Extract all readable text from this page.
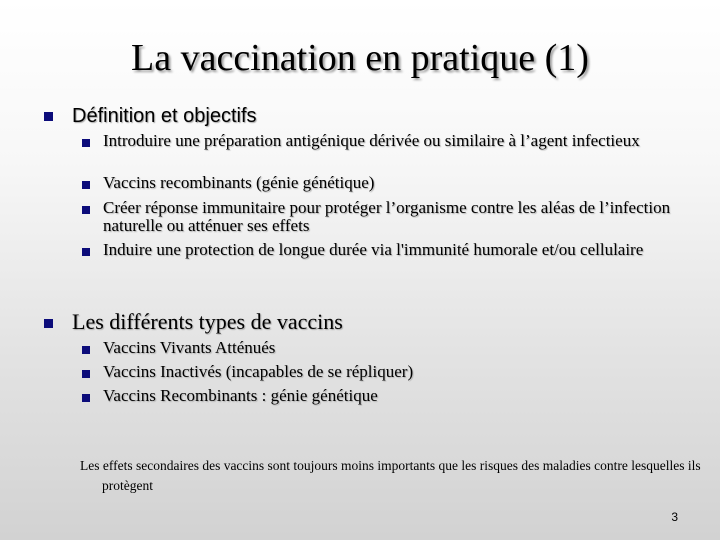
La vaccination en pratique (1)
Définition et objectifs
Introduire une préparation antigénique dérivée ou similaire à l’agent infectieux
Vaccins recombinants (génie génétique)
Créer réponse immunitaire pour protéger l’organisme contre les aléas de l’infection naturelle ou atténuer ses effets
Induire une protection de longue durée via l'immunité humorale et/ou cellulaire
Les différents types de vaccins
Vaccins Vivants Atténués
Vaccins Inactivés (incapables de se répliquer)
Vaccins Recombinants : génie génétique
Les effets secondaires des vaccins sont toujours moins importants que les risques des maladies contre lesquelles ils protègent
3
